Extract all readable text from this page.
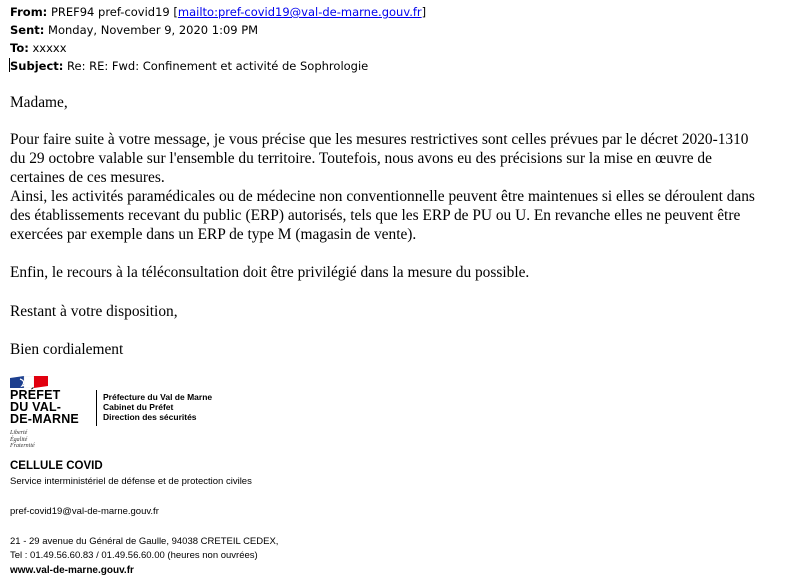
From: PREF94 pref-covid19 [mailto:pref-covid19@val-de-marne.gouv.fr]
Sent: Monday, November 9, 2020 1:09 PM
To: xxxxx
Subject: Re: RE: Fwd: Confinement et activité de Sophrologie
Madame,
Pour faire suite à votre message, je vous précise que les mesures restrictives sont celles prévues par le décret 2020-1310
du 29 octobre valable sur l'ensemble du territoire. Toutefois, nous avons eu des précisions sur la mise en œuvre de
certaines de ces mesures.
Ainsi, les activités paramédicales ou de médecine non conventionnelle peuvent être maintenues si elles se déroulent dans
des établissements recevant du public (ERP) autorisés, tels que les ERP de PU ou U. En revanche elles ne peuvent être
exercées par exemple dans un ERP de type M (magasin de vente).
Enfin, le recours à la téléconsultation doit être privilégié dans la mesure du possible.
Restant à votre disposition,
Bien cordialement
PRÉFET
DU VAL-
DE-MARNE
Liberté
Égalité
Fraternité
Préfecture du Val de Marne
Cabinet du Préfet
Direction des sécurités
CELLULE COVID
Service interministériel de défense et de protection civiles
pref-covid19@val-de-marne.gouv.fr
21 - 29 avenue du Général de Gaulle, 94038 CRETEIL CEDEX,
Tel : 01.49.56.60.83 / 01.49.56.60.00 (heures non ouvrées)
www.val-de-marne.gouv.fr
